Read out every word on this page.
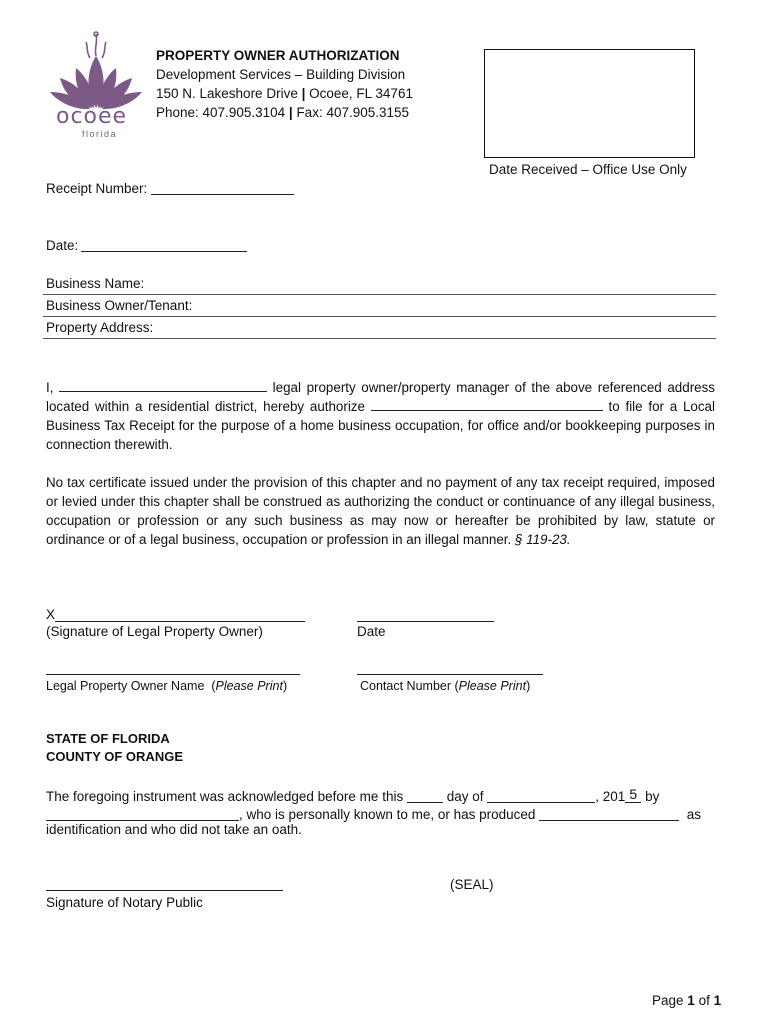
ocoee
florida
PROPERTY OWNER AUTHORIZATION
Development Services – Building Division
150 N. Lakeshore Drive | Ocoee, FL 34761
Phone: 407.905.3104 | Fax: 407.905.3155
Date Received – Office Use Only
Receipt Number:
Date:
Business Name:
Business Owner/Tenant:
Property Address:
I,	legal property owner/property manager of the above referenced address located within a residential district, hereby authorize	to file for a Local Business Tax Receipt for the purpose of a home business occupation, for office and/or bookkeeping purposes in connection therewith.
No tax certificate issued under the provision of this chapter and no payment of any tax receipt required, imposed or levied under this chapter shall be construed as authorizing the conduct or continuance of any illegal business, occupation or profession or any such business as may now or hereafter be prohibited by law, statute or ordinance or of a legal business, occupation or profession in an illegal manner. § 119-23.
X
(Signature of Legal Property Owner)	Date
Legal Property Owner Name (Please Print)	Contact Number (Please Print)
STATE OF FLORIDA
COUNTY OF ORANGE
The foregoing instrument was acknowledged before me this	day of	, 201 5 by
, who is personally known to me, or has produced	as
identification and who did not take an oath.
(SEAL)
Signature of Notary Public
Page 1 of 1
